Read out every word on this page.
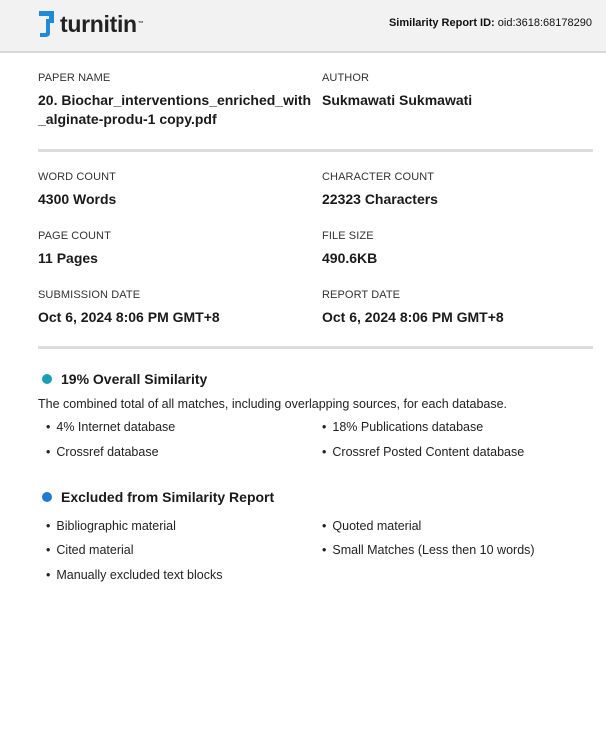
turnitin™	Similarity Report ID: oid:3618:68178290
PAPER NAME
20. Biochar_interventions_enriched_with
_alginate-produ-1 copy.pdf
AUTHOR
Sukmawati Sukmawati
WORD COUNT
4300 Words
CHARACTER COUNT
22323 Characters
PAGE COUNT
11 Pages
FILE SIZE
490.6KB
SUBMISSION DATE
Oct 6, 2024 8:06 PM GMT+8
REPORT DATE
Oct 6, 2024 8:06 PM GMT+8
19% Overall Similarity
The combined total of all matches, including overlapping sources, for each database.
• 4% Internet database	• 18% Publications database
• Crossref database	• Crossref Posted Content database
Excluded from Similarity Report
• Bibliographic material	• Quoted material
• Cited material	• Small Matches (Less then 10 words)
• Manually excluded text blocks
